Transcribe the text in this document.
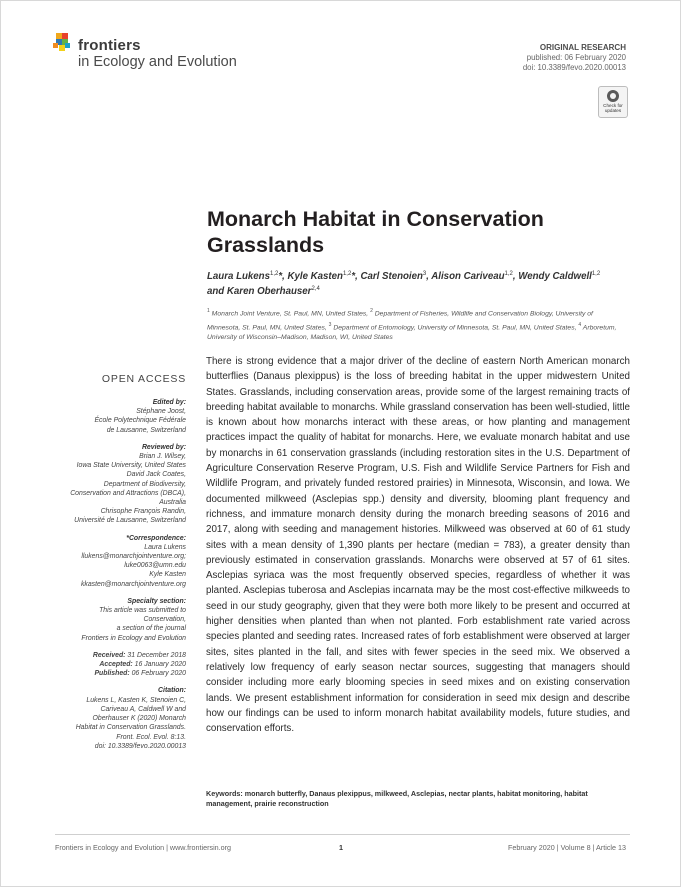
frontiers
in Ecology and Evolution
ORIGINAL RESEARCH
published: 06 February 2020
doi: 10.3389/fevo.2020.00013
Check for
updates
Monarch Habitat in Conservation Grasslands
Laura Lukens$^{1,2}$*, Kyle Kasten$^{1,2}$*, Carl Stenoien$^3$, Alison Cariveau$^{1,2}$, Wendy Caldwell$^{1,2}$
and Karen Oberhauser$^{2,4}$
$^1$ Monarch Joint Venture, St. Paul, MN, United States, $^2$ Department of Fisheries, Wildlife and Conservation Biology, University of Minnesota, St. Paul, MN, United States, $^3$ Department of Entomology, University of Minnesota, St. Paul, MN, United States, $^4$ Arboretum, University of Wisconsin–Madison, Madison, WI, United States
OPEN ACCESS
Edited by:
Stéphane Joost,
École Polytechnique Fédérale
de Lausanne, Switzerland
Reviewed by:
Brian J. Wilsey,
Iowa State University, United States
David Jack Coates,
Department of Biodiversity,
Conservation and Attractions (DBCA),
Australia
Chrisophe François Randin,
Université de Lausanne, Switzerland
*Correspondence:
Laura Lukens
llukens@monarchjointventure.org;
luke0063@umn.edu
Kyle Kasten
kkasten@monarchjointventure.org
Specialty section:
This article was submitted to
Conservation,
a section of the journal
Frontiers in Ecology and Evolution
Received: 31 December 2018
Accepted: 16 January 2020
Published: 06 February 2020
Citation:
Lukens L, Kasten K, Stenoien C,
Cariveau A, Caldwell W and
Oberhauser K (2020) Monarch
Habitat in Conservation Grasslands.
Front. Ecol. Evol. 8:13.
doi: 10.3389/fevo.2020.00013

There is strong evidence that a major driver of the decline of eastern North American monarch butterflies (Danaus plexippus) is the loss of breeding habitat in the upper midwestern United States. Grasslands, including conservation areas, provide some of the largest remaining tracts of breeding habitat available to monarchs. While grassland conservation has been well-studied, little is known about how monarchs interact with these areas, or how planting and management practices impact the quality of habitat for monarchs. Here, we evaluate monarch habitat and use by monarchs in 61 conservation grasslands (including restoration sites in the U.S. Department of Agriculture Conservation Reserve Program, U.S. Fish and Wildlife Service Partners for Fish and Wildlife Program, and privately funded restored prairies) in Minnesota, Wisconsin, and Iowa. We documented milkweed (Asclepias spp.) density and diversity, blooming plant frequency and richness, and immature monarch density during the monarch breeding seasons of 2016 and 2017, along with seeding and management histories. Milkweed was observed at 60 of 61 study sites with a mean density of 1,390 plants per hectare (median = 783), a greater density than previously estimated in conservation grasslands. Monarchs were observed at 57 of 61 sites. Asclepias syriaca was the most frequently observed species, regardless of whether it was planted. Asclepias tuberosa and Asclepias incarnata may be the most cost-effective milkweeds to seed in our study geography, given that they were both more likely to be present and occurred at higher densities when planted than when not planted. Forb establishment rate varied across species planted and seeding rates. Increased rates of forb establishment were observed at larger sites, sites planted in the fall, and sites with fewer species in the seed mix. We observed a relatively low frequency of early season nectar sources, suggesting that managers should consider including more early blooming species in seed mixes and on existing conservation lands. We present establishment information for consideration in seed mix design and describe how our findings can be used to inform monarch habitat availability models, future studies, and conservation efforts.

Keywords: monarch butterfly, Danaus plexippus, milkweed, Asclepias, nectar plants, habitat monitoring, habitat management, prairie reconstruction
Frontiers in Ecology and Evolution | www.frontiersin.org	1	February 2020 | Volume 8 | Article 13
